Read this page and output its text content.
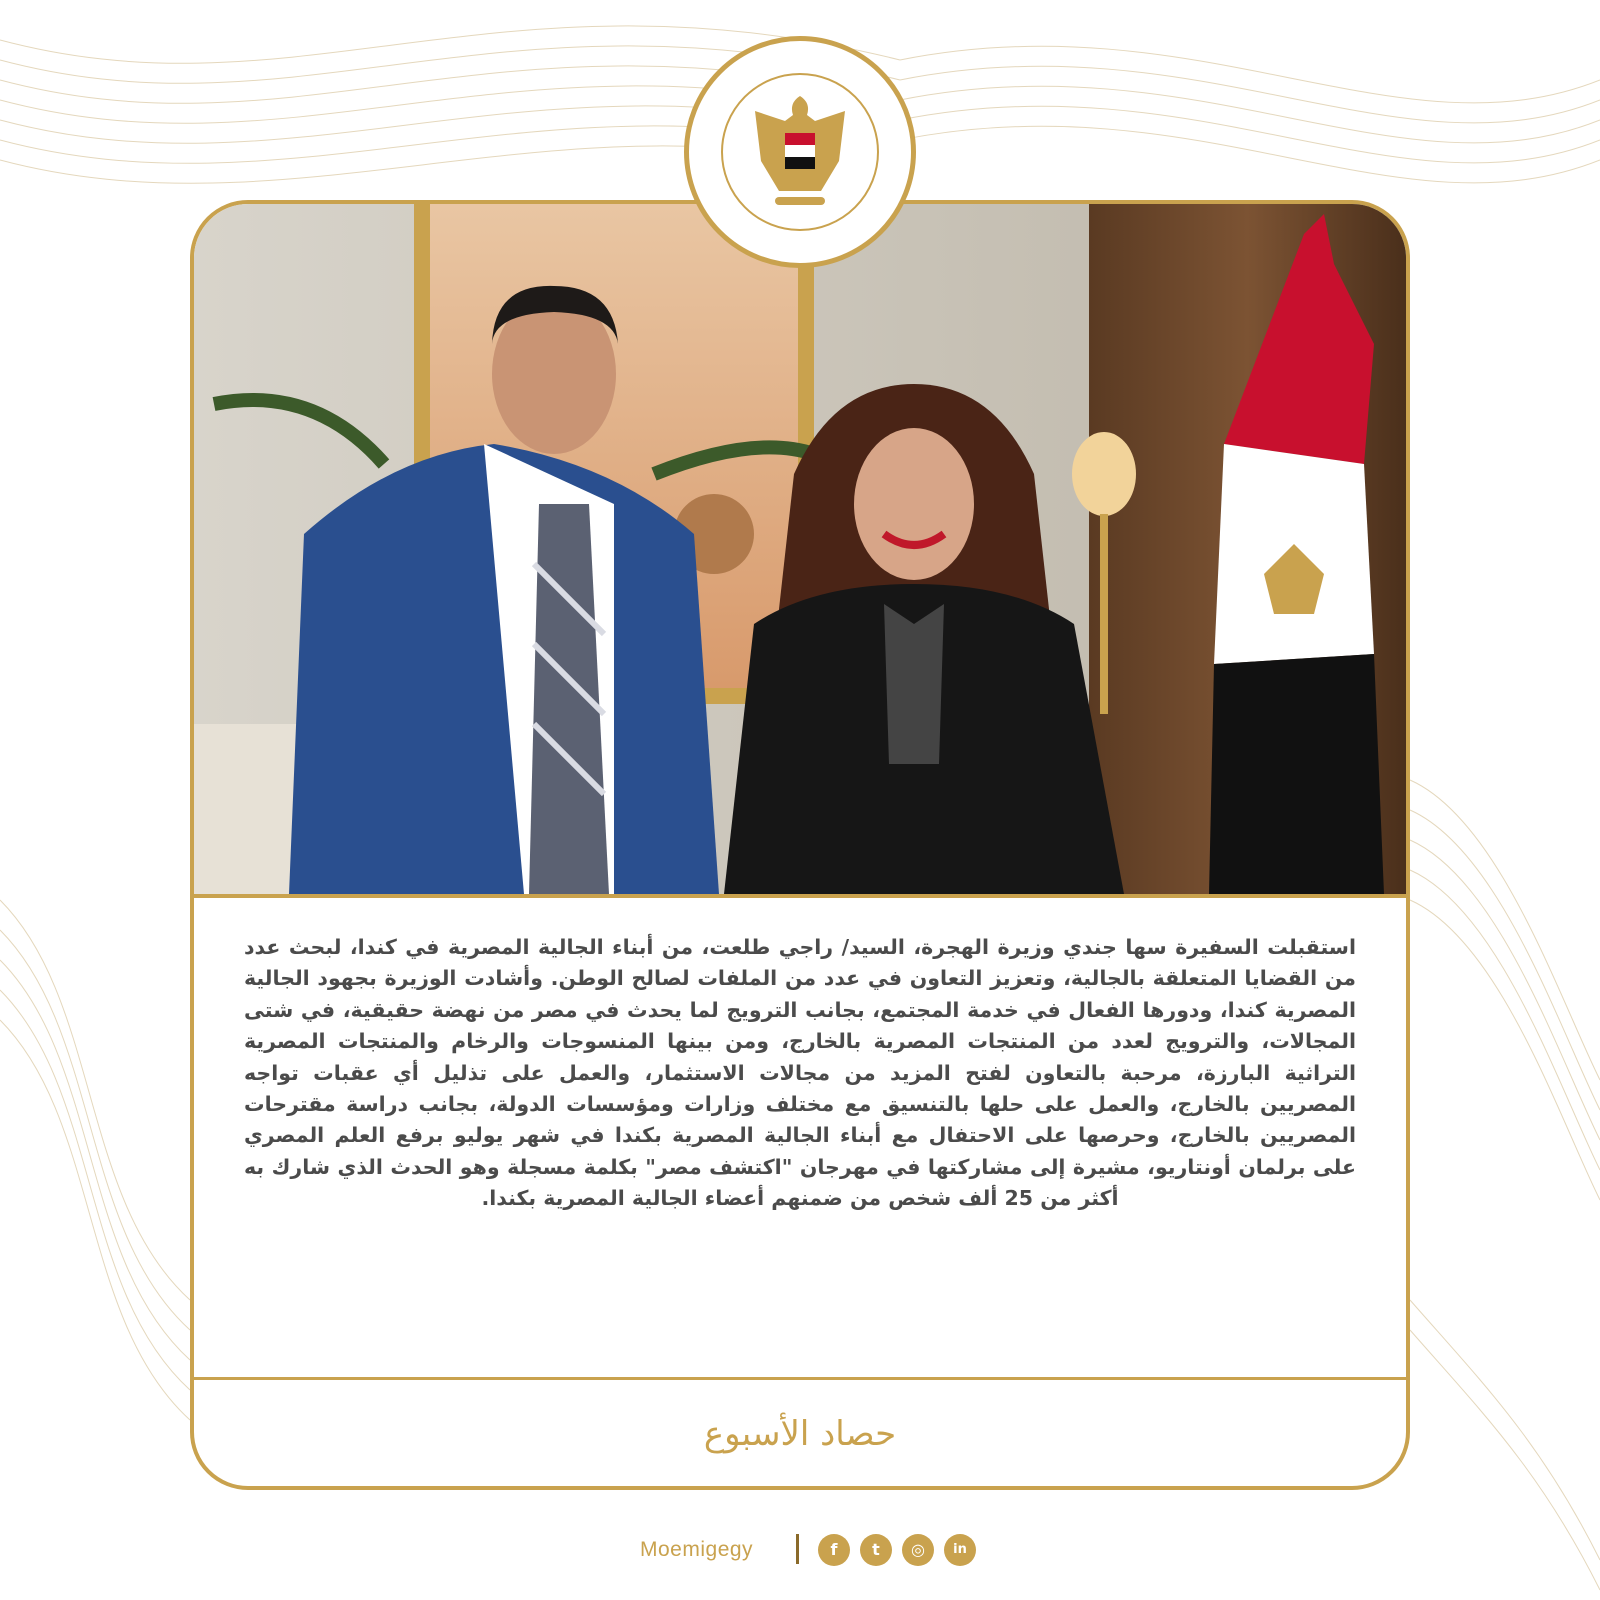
استقبلت السفيرة سها جندي وزيرة الهجرة، السيد/ راجي طلعت، من أبناء الجالية المصرية في كندا، لبحث عدد من القضايا المتعلقة بالجالية، وتعزيز التعاون في عدد من الملفات لصالح الوطن. وأشادت الوزيرة بجهود الجالية المصرية كندا، ودورها الفعال في خدمة المجتمع، بجانب الترويج لما يحدث في مصر من نهضة حقيقية، في شتى المجالات، والترويج لعدد من المنتجات المصرية بالخارج، ومن بينها المنسوجات والرخام والمنتجات المصرية التراثية البارزة، مرحبة بالتعاون لفتح المزيد من مجالات الاستثمار، والعمل على تذليل أي عقبات تواجه المصريين بالخارج، والعمل على حلها بالتنسيق مع مختلف وزارات ومؤسسات الدولة، بجانب دراسة مقترحات المصريين بالخارج، وحرصها على الاحتفال مع أبناء الجالية المصرية بكندا في شهر يوليو برفع العلم المصري على برلمان أونتاريو، مشيرة إلى مشاركتها في مهرجان "اكتشف مصر" بكلمة مسجلة وهو الحدث الذي شارك به أكثر من 25 ألف شخص من ضمنهم أعضاء الجالية المصرية بكندا.
حصاد الأسبوع
Moemigegy	f	t	◎	in
